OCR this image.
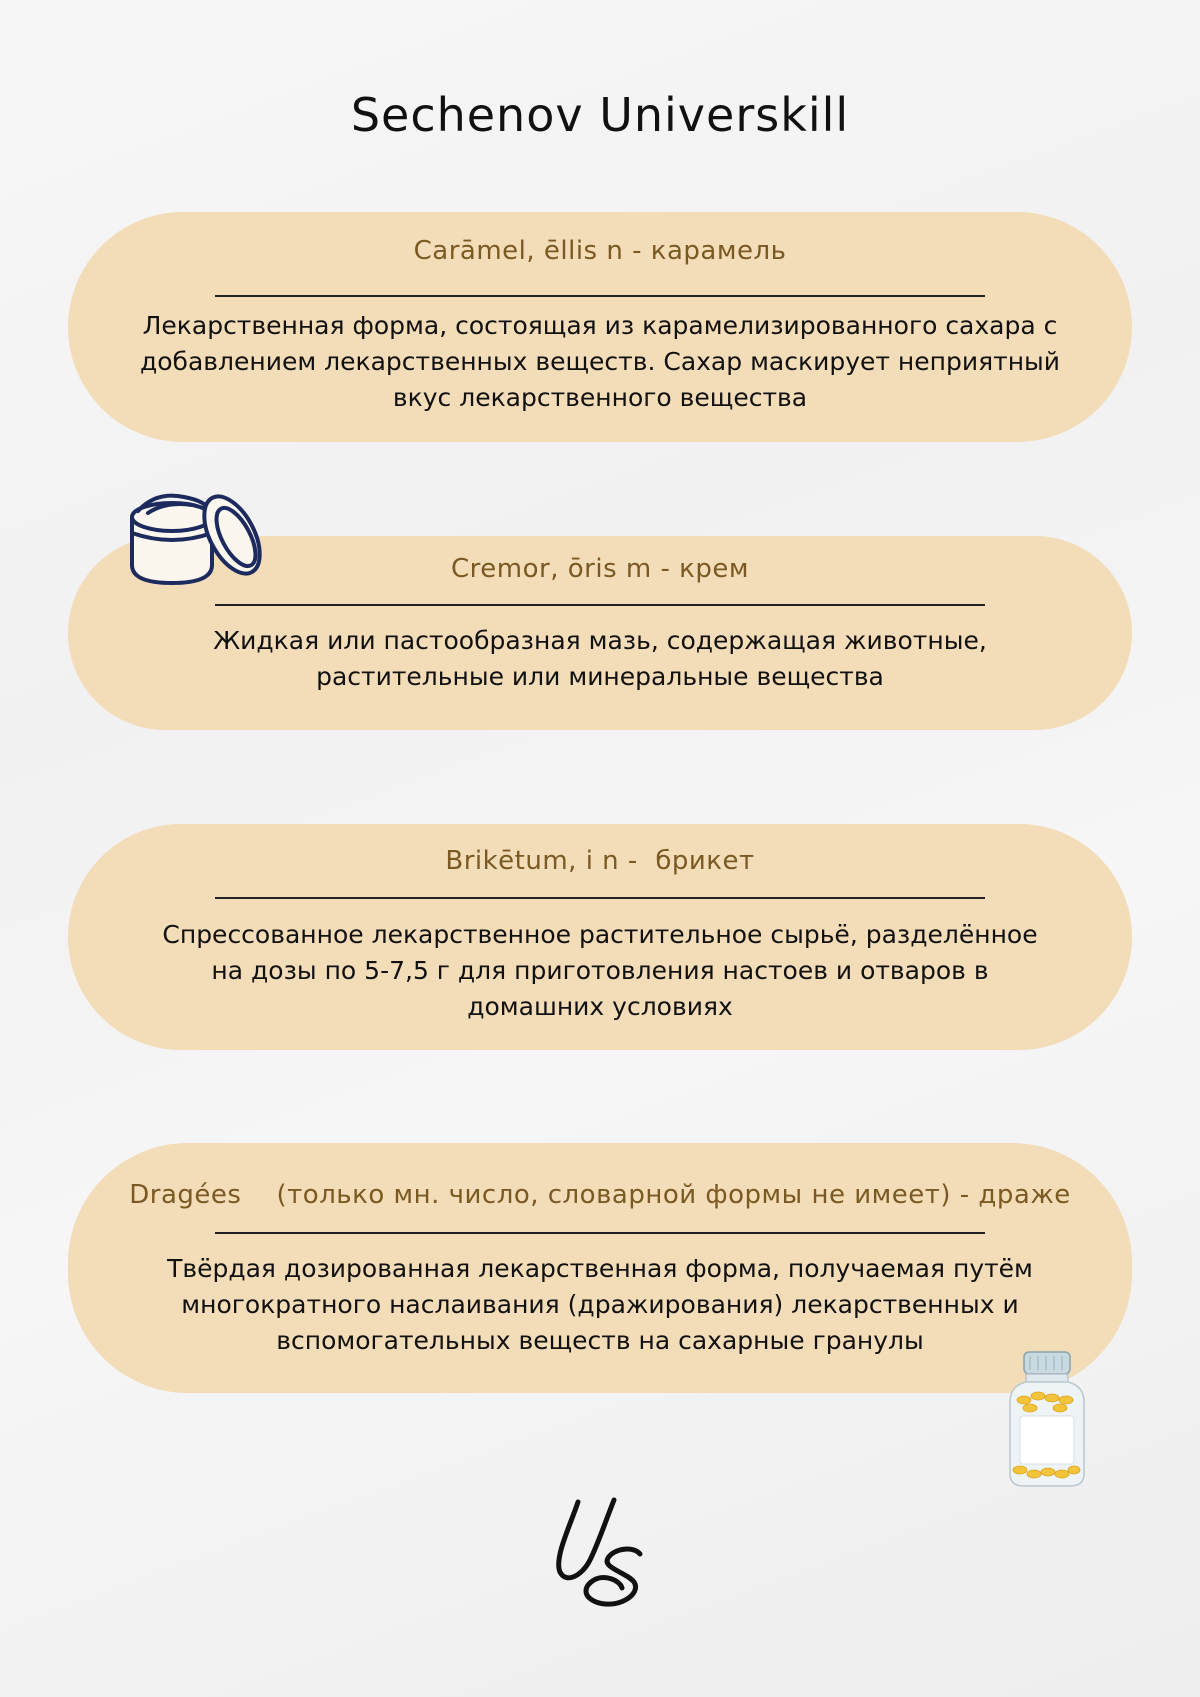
Sechenov Universkill
Carāmel, ēllis n - карамель
Лекарственная форма, состоящая из карамелизированного сахара с добавлением лекарственных веществ. Сахар маскирует неприятный вкус лекарственного вещества
Cremor, ōris m - крем
Жидкая или пастообразная мазь, содержащая животные, растительные или минеральные вещества
Brikētum, i n -  брикет
Спрессованное лекарственное растительное сырьё, разделённое на дозы по 5-7,5 г для приготовления настоев и отваров в домашних условиях
Dragées    (только мн. число, словарной формы не имеет) - драже
Твёрдая дозированная лекарственная форма, получаемая путём многократного наслаивания (дражирования) лекарственных и вспомогательных веществ на сахарные гранулы
